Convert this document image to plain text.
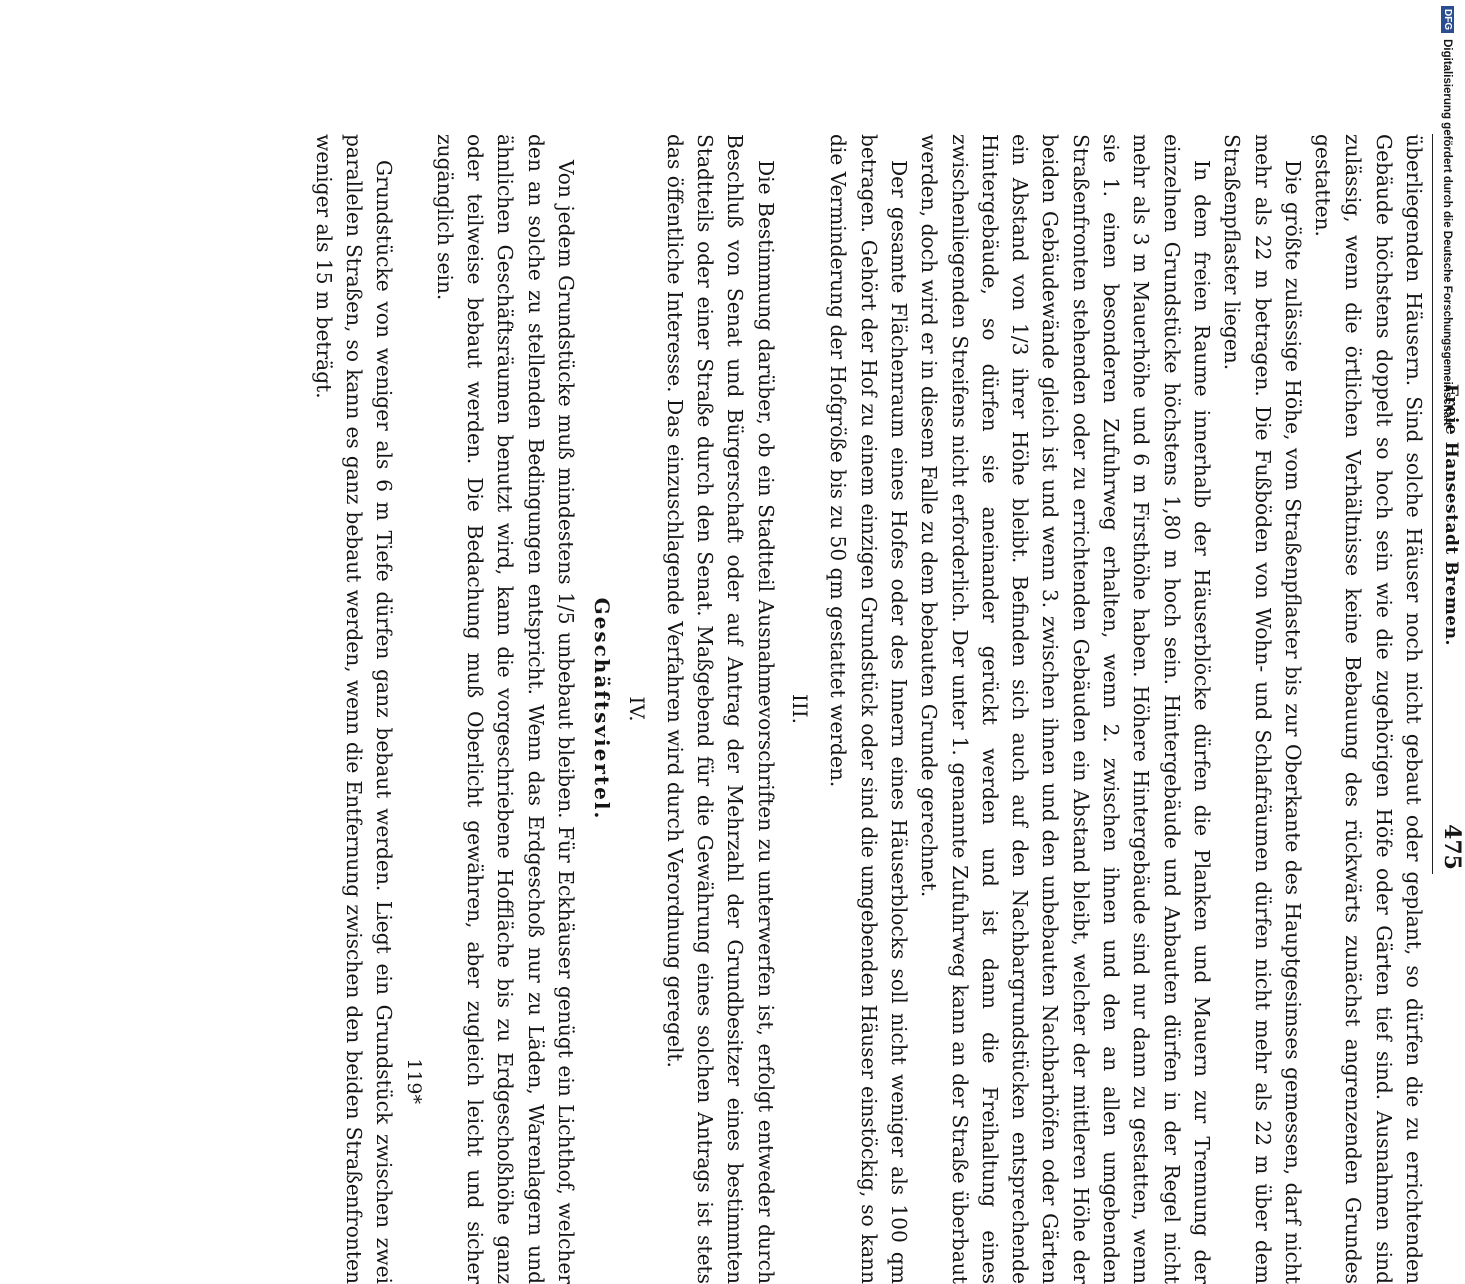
Freie Hansestadt Bremen.
475

überliegenden Häusern. Sind solche Häuser noch nicht gebaut oder geplant, so dürfen die zu errichtenden Gebäude höchstens doppelt so hoch sein wie die zugehörigen Höfe oder Gärten tief sind. Ausnahmen sind zulässig, wenn die örtlichen Verhältnisse keine Bebauung des rückwärts zunächst angrenzenden Grundes gestatten.

Die größte zulässige Höhe, vom Straßenpflaster bis zur Oberkante des Hauptgesimses gemessen, darf nicht mehr als 22 m betragen. Die Fußböden von Wohn- und Schlafräumen dürfen nicht mehr als 22 m über dem Straßenpflaster liegen.

In dem freien Raume innerhalb der Häuserblöcke dürfen die Planken und Mauern zur Trennung der einzelnen Grundstücke höchstens 1,80 m hoch sein. Hintergebäude und Anbauten dürfen in der Regel nicht mehr als 3 m Mauerhöhe und 6 m Firsthöhe haben. Höhere Hintergebäude sind nur dann zu gestatten, wenn sie 1. einen besonderen Zufuhrweg erhalten, wenn 2. zwischen ihnen und den an allen umgebenden Straßenfronten stehenden oder zu errichtenden Gebäuden ein Abstand bleibt, welcher der mittleren Höhe der beiden Gebäudewände gleich ist und wenn 3. zwischen ihnen und den unbebauten Nachbarhöfen oder Gärten ein Abstand von 1/3 ihrer Höhe bleibt. Befinden sich auch auf den Nachbargrundstücken entsprechende Hintergebäude, so dürfen sie aneinander gerückt werden und ist dann die Freihaltung eines zwischenliegenden Streifens nicht erforderlich. Der unter 1. genannte Zufuhrweg kann an der Straße überbaut werden, doch wird er in diesem Falle zu dem bebauten Grunde gerechnet.

Der gesamte Flächenraum eines Hofes oder des Innern eines Häuserblocks soll nicht weniger als 100 qm betragen. Gehört der Hof zu einem einzigen Grundstück oder sind die umgebenden Häuser einstöckig, so kann die Verminderung der Hofgröße bis zu 50 qm gestattet werden.

III.

Die Bestimmung darüber, ob ein Stadtteil Ausnahmevorschriften zu unterwerfen ist, erfolgt entweder durch Beschluß von Senat und Bürgerschaft oder auf Antrag der Mehrzahl der Grundbesitzer eines bestimmten Stadtteils oder einer Straße durch den Senat. Maßgebend für die Gewährung eines solchen Antrags ist stets das öffentliche Interesse. Das einzuschlagende Verfahren wird durch Verordnung geregelt.

IV.
Geschäftsviertel.

Von jedem Grundstücke muß mindestens 1/5 unbebaut bleiben. Für Eckhäuser genügt ein Lichthof, welcher den an solche zu stellenden Bedingungen entspricht. Wenn das Erdgeschoß nur zu Läden, Warenlagern und ähnlichen Geschäftsräumen benutzt wird, kann die vorgeschriebene Hoffläche bis zu Erdgeschoßhöhe ganz oder teilweise bebaut werden. Die Bedachung muß Oberlicht gewähren, aber zugleich leicht und sicher zugänglich sein.

119*

Grundstücke von weniger als 6 m Tiefe dürfen ganz bebaut werden. Liegt ein Grundstück zwischen zwei parallelen Straßen, so kann es ganz bebaut werden, wenn die Entfernung zwischen den beiden Straßenfronten weniger als 15 m beträgt.

DFG
Digitalisierung gefördert durch die Deutsche Forschungsgemeinschaft
